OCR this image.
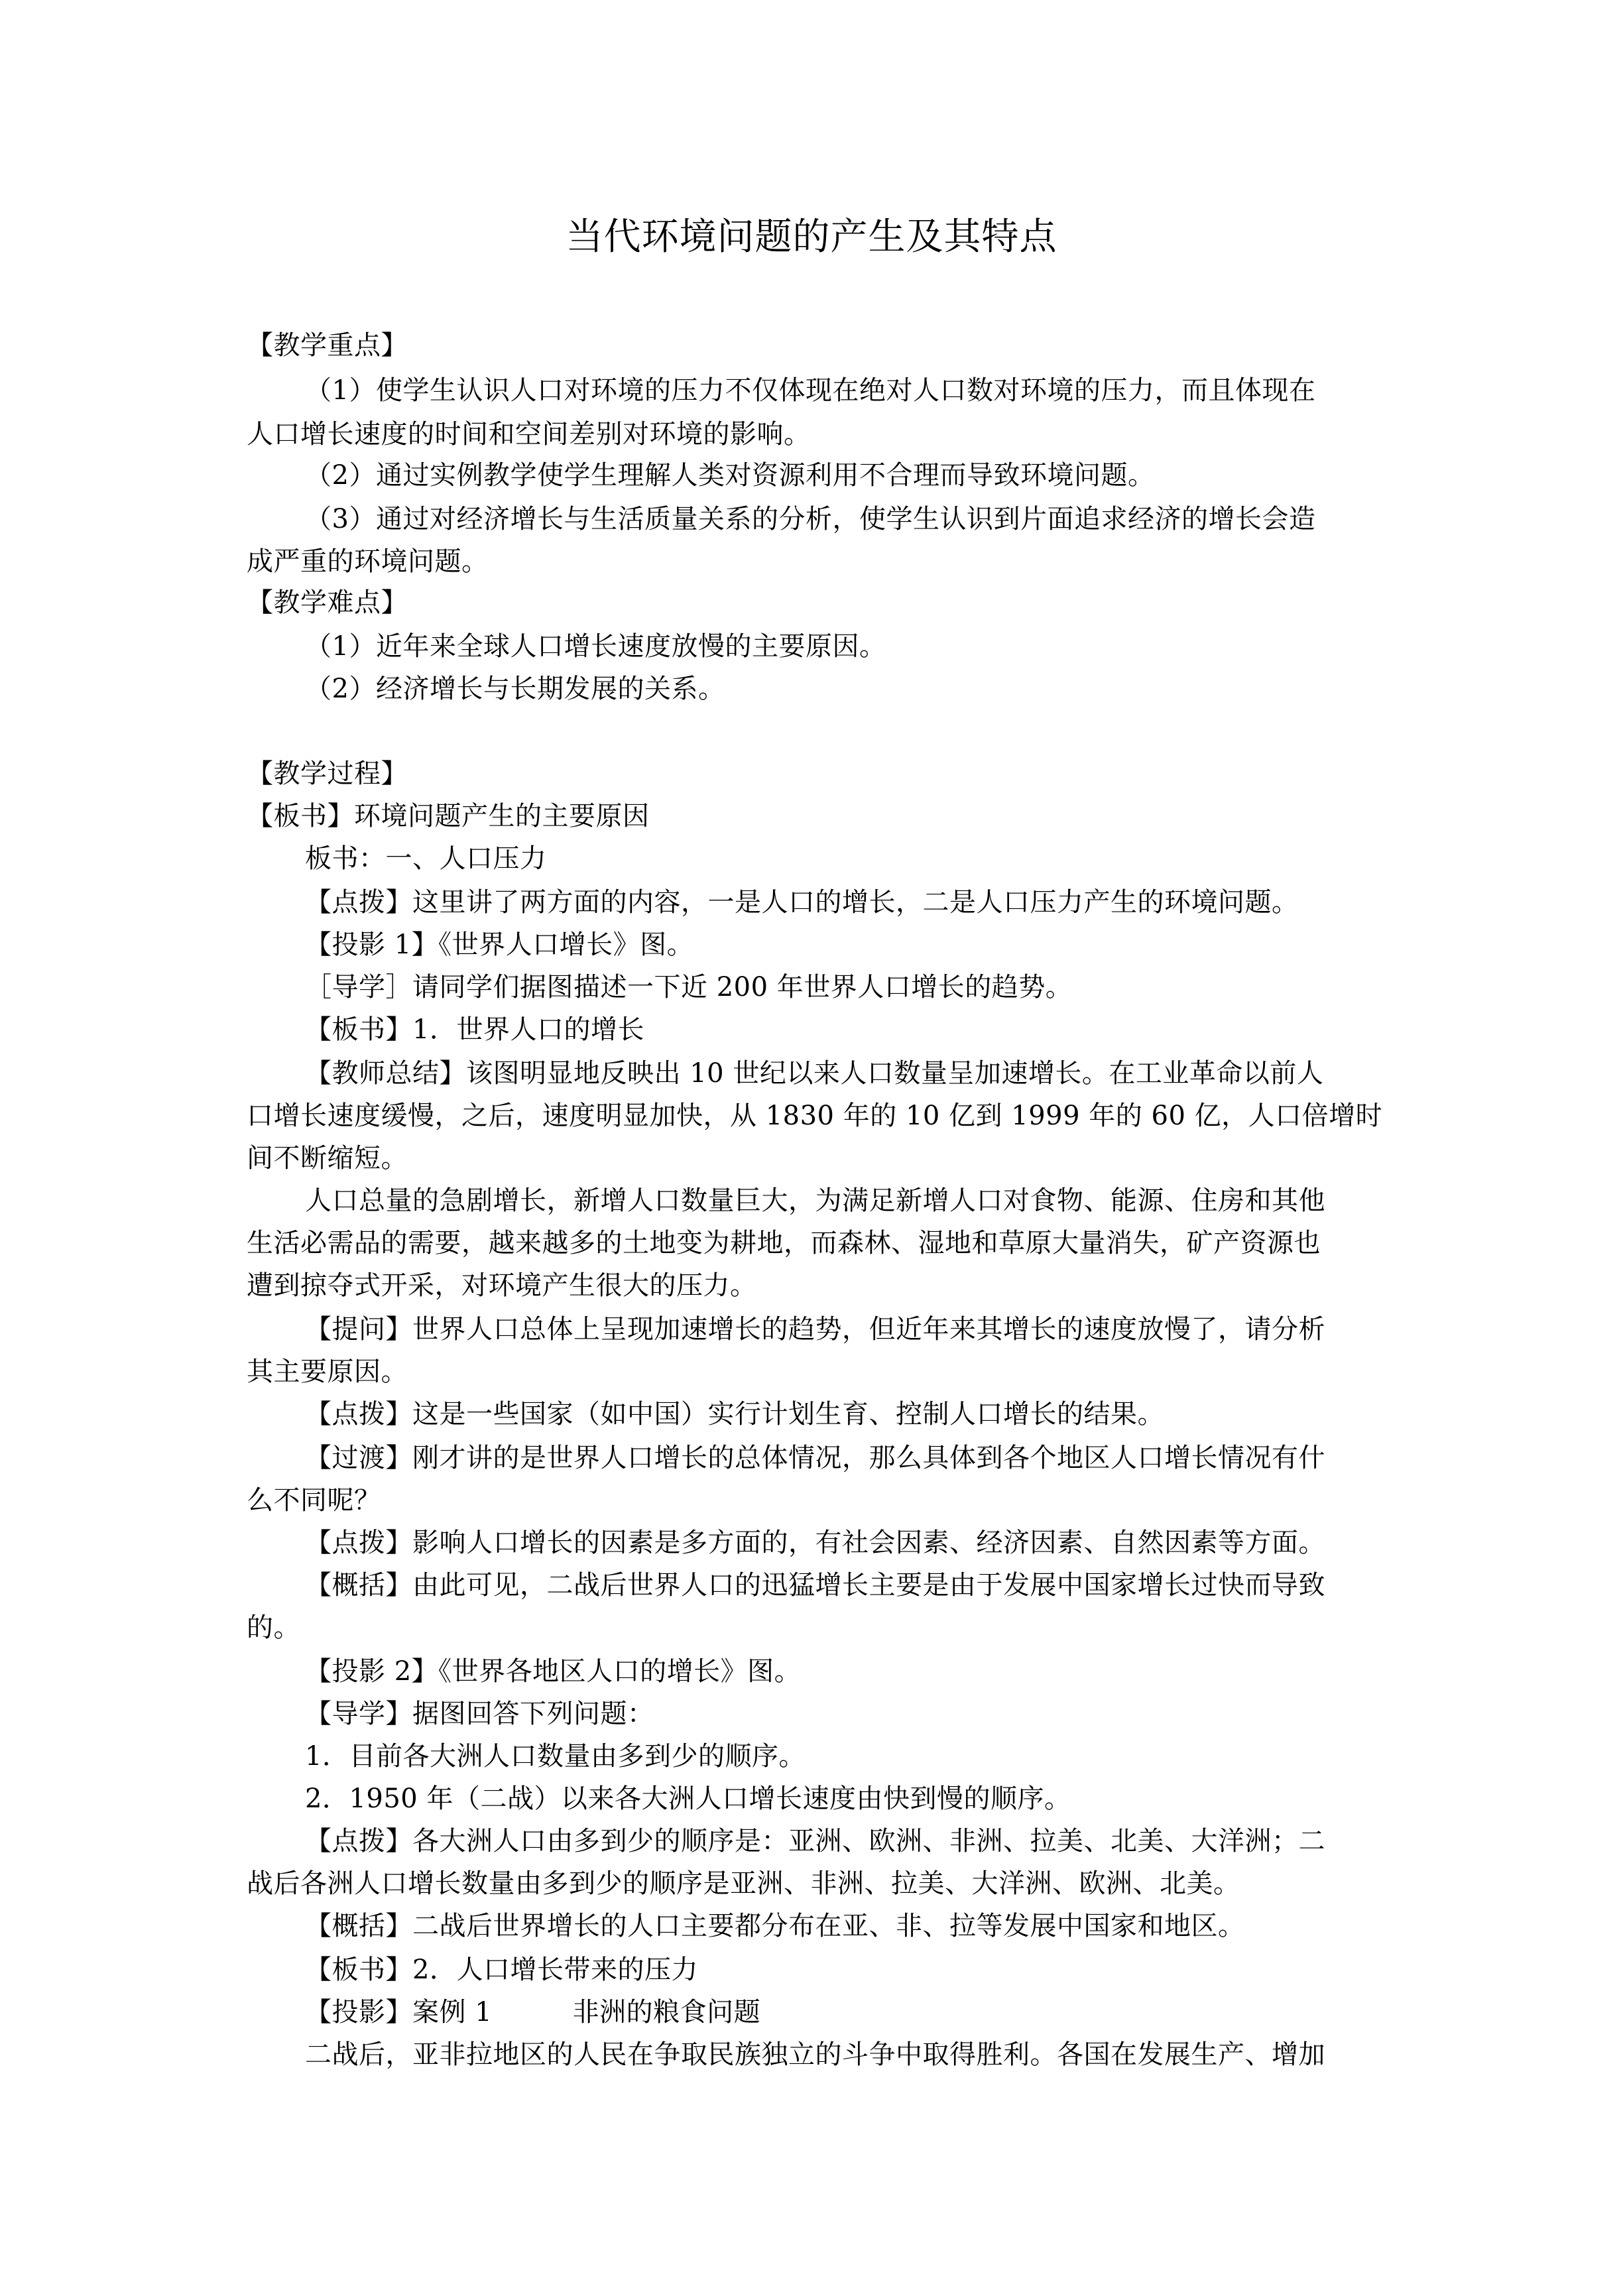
当代环境问题的产生及其特点
【教学重点】
（1）使学生认识人口对环境的压力不仅体现在绝对人口数对环境的压力，而且体现在
人口增长速度的时间和空间差别对环境的影响。
（2）通过实例教学使学生理解人类对资源利用不合理而导致环境问题。
（3）通过对经济增长与生活质量关系的分析，使学生认识到片面追求经济的增长会造
成严重的环境问题。
【教学难点】
（1）近年来全球人口增长速度放慢的主要原因。
（2）经济增长与长期发展的关系。
【教学过程】
【板书】环境问题产生的主要原因
板书：一、人口压力
【点拨】这里讲了两方面的内容，一是人口的增长，二是人口压力产生的环境问题。
【投影 1】《世界人口增长》图。
［导学］请同学们据图描述一下近 200 年世界人口增长的趋势。
【板书】1．世界人口的增长
【教师总结】该图明显地反映出 10 世纪以来人口数量呈加速增长。在工业革命以前人
口增长速度缓慢，之后，速度明显加快，从 1830 年的 10 亿到 1999 年的 60 亿，人口倍增时
间不断缩短。
人口总量的急剧增长，新增人口数量巨大，为满足新增人口对食物、能源、住房和其他
生活必需品的需要，越来越多的土地变为耕地，而森林、湿地和草原大量消失，矿产资源也
遭到掠夺式开采，对环境产生很大的压力。
【提问】世界人口总体上呈现加速增长的趋势，但近年来其增长的速度放慢了，请分析
其主要原因。
【点拨】这是一些国家（如中国）实行计划生育、控制人口增长的结果。
【过渡】刚才讲的是世界人口增长的总体情况，那么具体到各个地区人口增长情况有什
么不同呢？
【点拨】影响人口增长的因素是多方面的，有社会因素、经济因素、自然因素等方面。
【概括】由此可见，二战后世界人口的迅猛增长主要是由于发展中国家增长过快而导致
的。
【投影 2】《世界各地区人口的增长》图。
【导学】据图回答下列问题：
1．目前各大洲人口数量由多到少的顺序。
2．1950 年（二战）以来各大洲人口增长速度由快到慢的顺序。
【点拨】各大洲人口由多到少的顺序是：亚洲、欧洲、非洲、拉美、北美、大洋洲；二
战后各洲人口增长数量由多到少的顺序是亚洲、非洲、拉美、大洋洲、欧洲、北美。
【概括】二战后世界增长的人口主要都分布在亚、非、拉等发展中国家和地区。
【板书】2．人口增长带来的压力
【投影】案例 1　　　非洲的粮食问题
二战后，亚非拉地区的人民在争取民族独立的斗争中取得胜利。各国在发展生产、增加
